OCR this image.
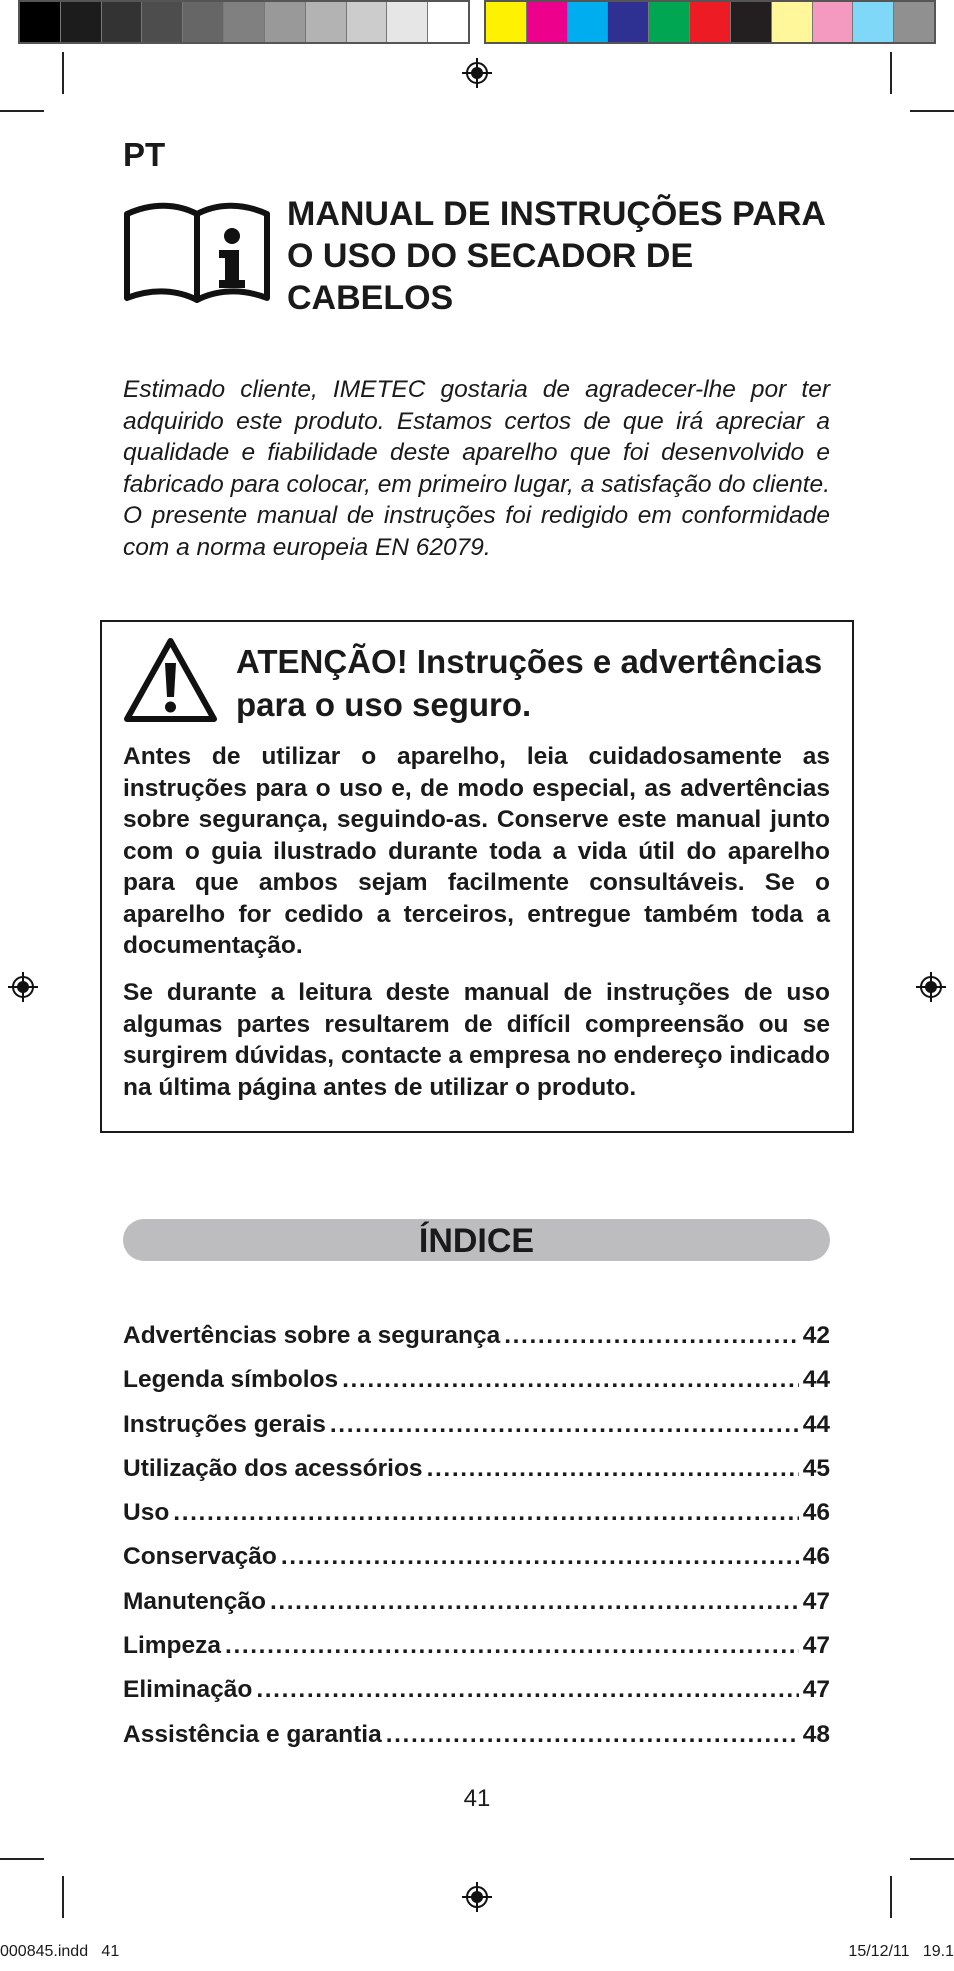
PT
MANUAL DE INSTRUÇÕES PARA O USO DO SECADOR DE CABELOS

Estimado cliente, IMETEC gostaria de agradecer-lhe por ter adquirido este produto. Estamos certos de que irá apreciar a qualidade e fiabilidade deste aparelho que foi desenvolvido e fabricado para colocar, em primeiro lugar, a satisfação do cliente. O presente manual de instruções foi redigido em conformidade com a norma europeia EN 62079.

ATENÇÃO! Instruções e advertências para o uso seguro.

Antes de utilizar o aparelho, leia cuidadosamente as instruções para o uso e, de modo especial, as advertências sobre segurança, seguindo-as. Conserve este manual junto com o guia ilustrado durante toda a vida útil do aparelho para que ambos sejam facilmente consultáveis. Se o aparelho for cedido a terceiros, entregue também toda a documentação.

Se durante a leitura deste manual de instruções de uso algumas partes resultarem de difícil compreensão ou se surgirem dúvidas, contacte a empresa no endereço indicado na última página antes de utilizar o produto.

ÍNDICE
Advertências sobre a segurança . . .	42
Legenda símbolos . . .	44
Instruções gerais . . .	44
Utilização dos acessórios . . .	45
Uso . . .	46
Conservação . . .	46
Manutenção . . .	47
Limpeza . . .	47
Eliminação . . .	47
Assistência e garantia . . .	48
41
000845.indd   41	15/12/11   19.1
